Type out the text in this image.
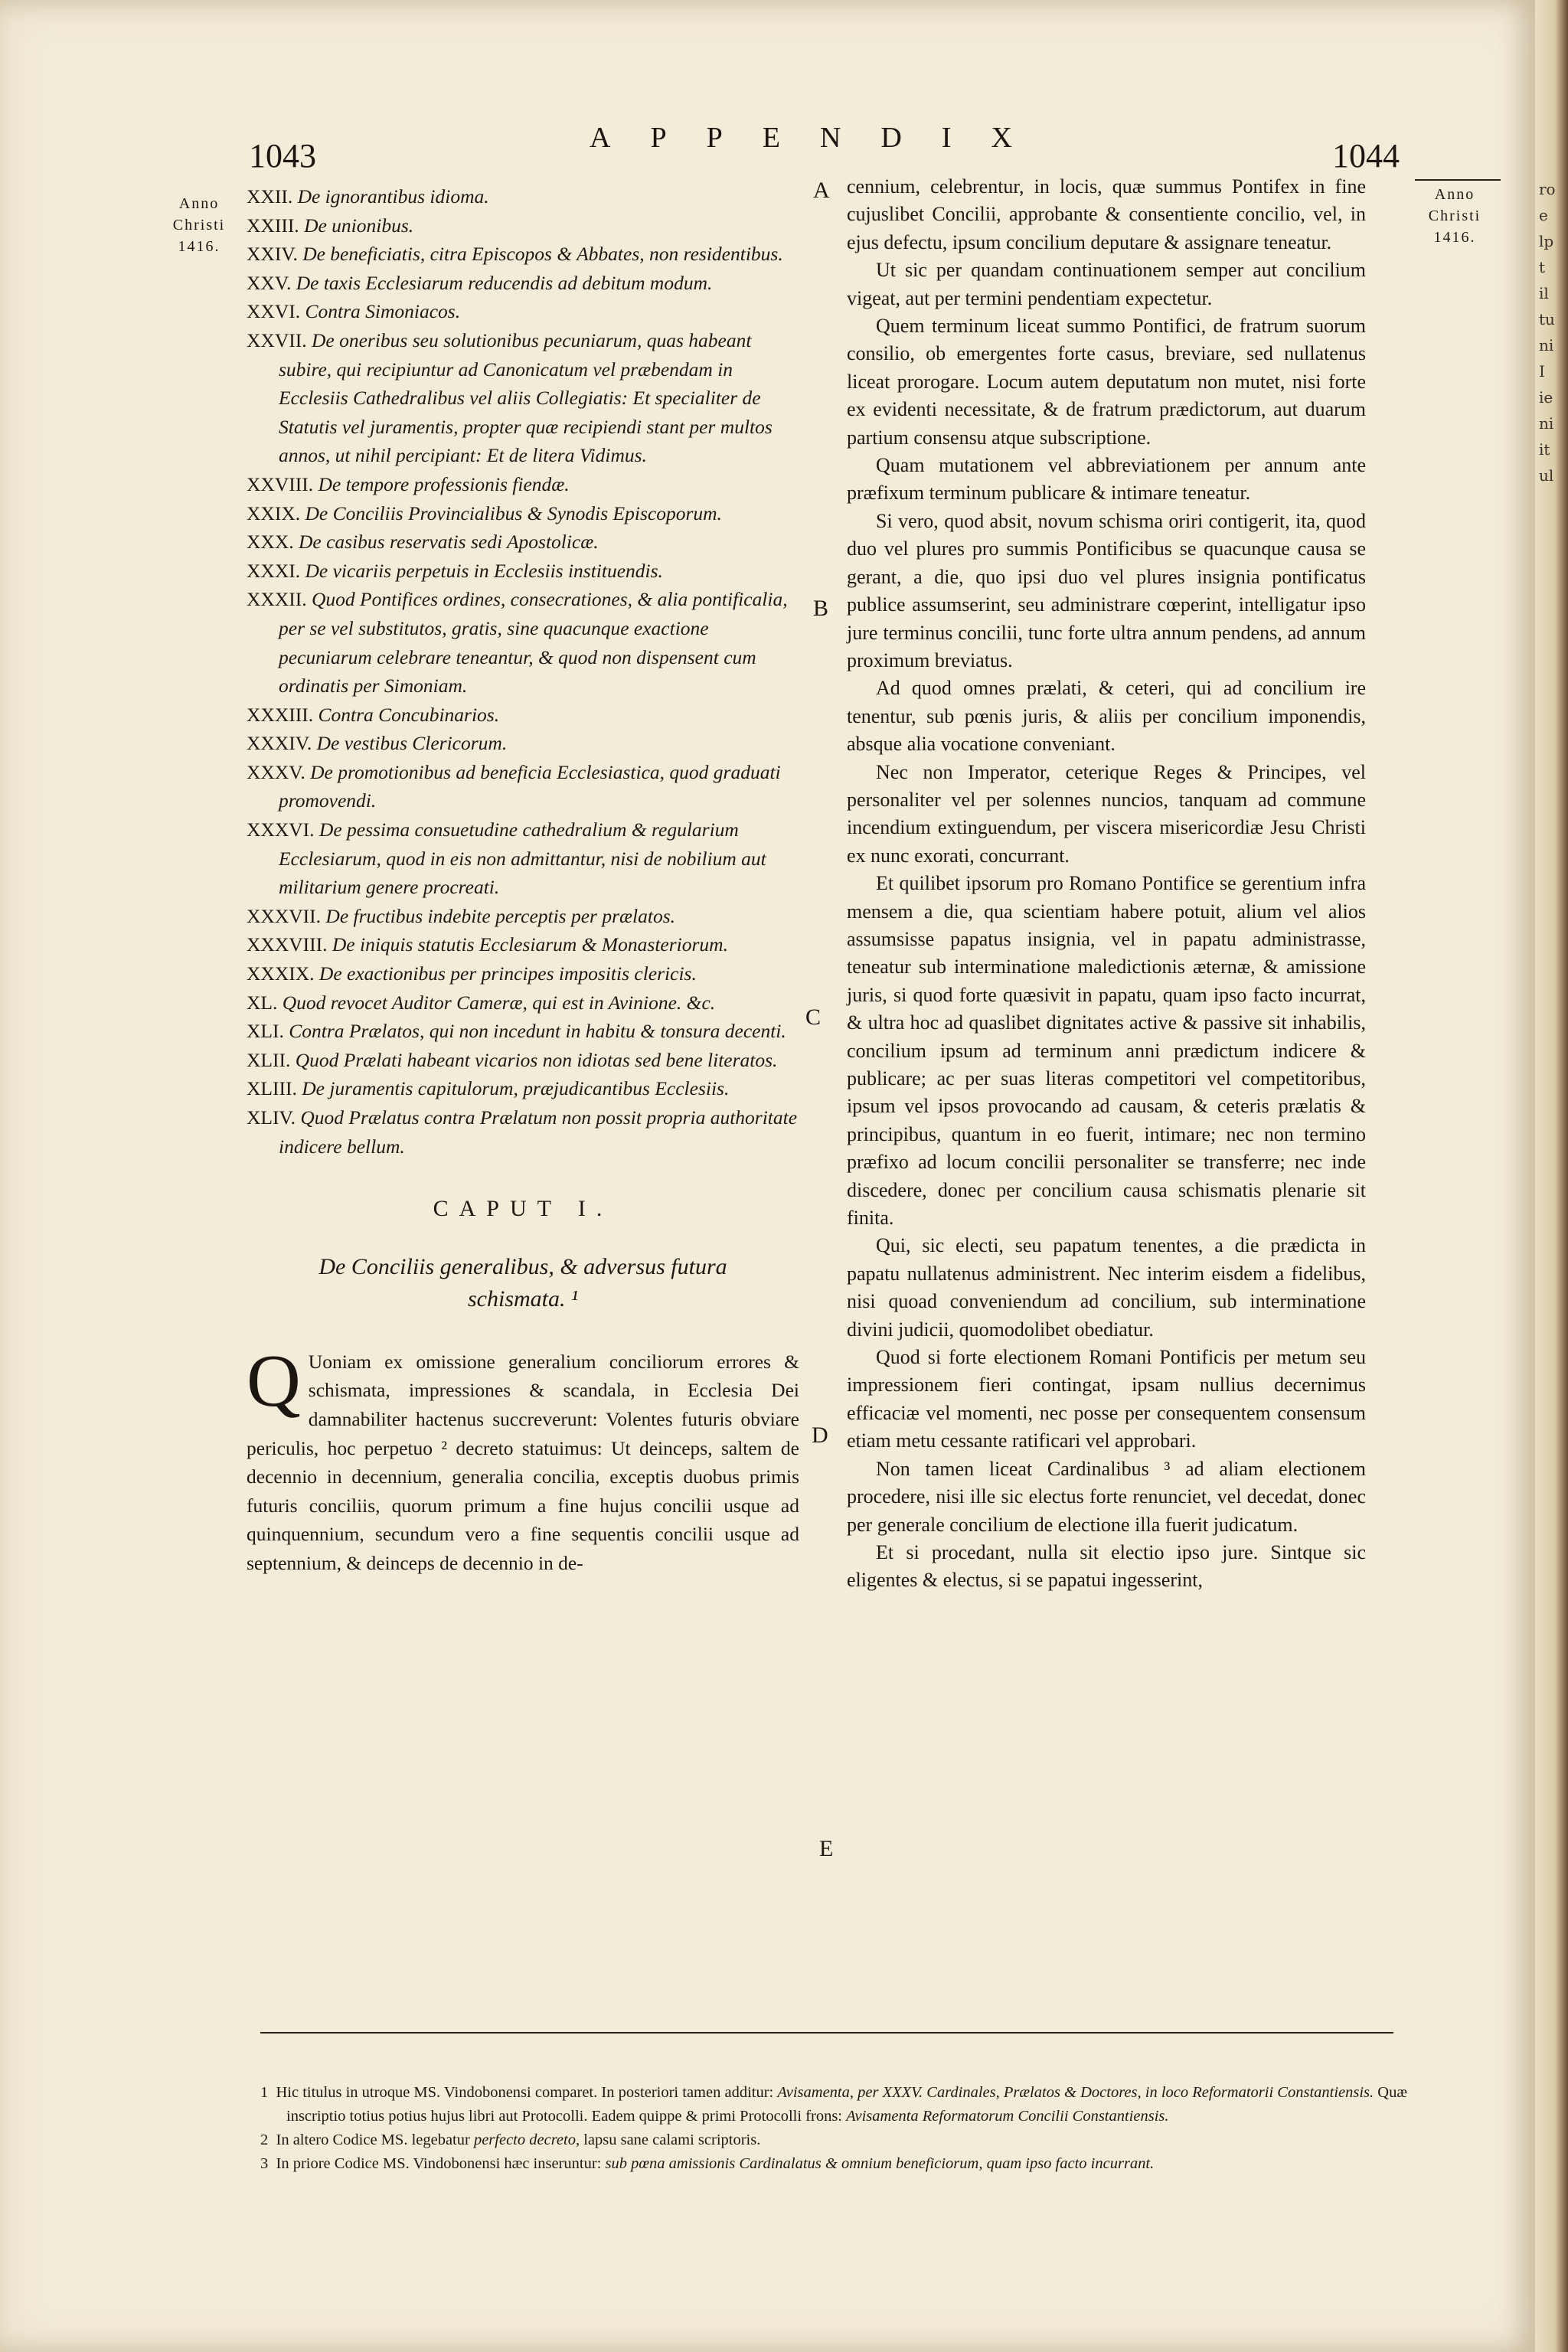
1043	APPENDIX	1044
Anno
Christi
1416.
Anno
Christi
1416.

XXII. De ignorantibus idioma.

XXIII. De unionibus.

XXIV. De beneficiatis, citra Episcopos & Abbates, non residentibus.

XXV. De taxis Ecclesiarum reducendis ad debitum modum.

XXVI. Contra Simoniacos.

XXVII. De oneribus seu solutionibus pecuniarum, quas habeant subire, qui recipiuntur ad Canonicatum vel præbendam in Ecclesiis Cathedralibus vel aliis Collegiatis: Et specialiter de Statutis vel juramentis, propter quæ recipiendi stant per multos annos, ut nihil percipiant: Et de litera Vidimus.

XXVIII. De tempore professionis fiendæ.

XXIX. De Conciliis Provincialibus & Synodis Episcoporum.

XXX. De casibus reservatis sedi Apostolicæ.

XXXI. De vicariis perpetuis in Ecclesiis instituendis.

XXXII. Quod Pontifices ordines, consecrationes, & alia pontificalia, per se vel substitutos, gratis, sine quacunque exactione pecuniarum celebrare teneantur, & quod non dispensent cum ordinatis per Simoniam.

XXXIII. Contra Concubinarios.

XXXIV. De vestibus Clericorum.

XXXV. De promotionibus ad beneficia Ecclesiastica, quod graduati promovendi.

XXXVI. De pessima consuetudine cathedralium & regularium Ecclesiarum, quod in eis non admittantur, nisi de nobilium aut militarium genere procreati.

XXXVII. De fructibus indebite perceptis per prælatos.

XXXVIII. De iniquis statutis Ecclesiarum & Monasteriorum.

XXXIX. De exactionibus per principes impositis clericis.

XL. Quod revocet Auditor Cameræ, qui est in Avinione. &c.

XLI. Contra Prælatos, qui non incedunt in habitu & tonsura decenti.

XLII. Quod Prælati habeant vicarios non idiotas sed bene literatos.

XLIII. De juramentis capitulorum, præjudicantibus Ecclesiis.

XLIV. Quod Prælatus contra Prælatum non possit propria authoritate indicere bellum.

CAPUT I.
De Conciliis generalibus, & adversus futura schismata. ¹
Q Uoniam ex omissione generalium conciliorum errores & schismata, impressiones & scandala, in Ecclesia Dei damnabiliter hactenus succreverunt: Volentes futuris obviare periculis, hoc perpetuo ² decreto statuimus: Ut deinceps, saltem de decennio in decennium, generalia concilia, exceptis duobus primis futuris conciliis, quorum primum a fine hujus concilii usque ad quinquennium, secundum vero a fine sequentis concilii usque ad septennium, & deinceps de decennio in de-
A
B
C
D
E

cennium, celebrentur, in locis, quæ summus Pontifex in fine cujuslibet Concilii, approbante & consentiente concilio, vel, in ejus defectu, ipsum concilium deputare & assignare teneatur.

Ut sic per quandam continuationem semper aut concilium vigeat, aut per termini pendentiam expectetur.

Quem terminum liceat summo Pontifici, de fratrum suorum consilio, ob emergentes forte casus, breviare, sed nullatenus liceat prorogare. Locum autem deputatum non mutet, nisi forte ex evidenti necessitate, & de fratrum prædictorum, aut duarum partium consensu atque subscriptione.

Quam mutationem vel abbreviationem per annum ante præfixum terminum publicare & intimare teneatur.

Si vero, quod absit, novum schisma oriri contigerit, ita, quod duo vel plures pro summis Pontificibus se quacunque causa se gerant, a die, quo ipsi duo vel plures insignia pontificatus publice assumserint, seu administrare cœperint, intelligatur ipso jure terminus concilii, tunc forte ultra annum pendens, ad annum proximum breviatus.

Ad quod omnes prælati, & ceteri, qui ad concilium ire tenentur, sub pœnis juris, & aliis per concilium imponendis, absque alia vocatione conveniant.

Nec non Imperator, ceterique Reges & Principes, vel personaliter vel per solennes nuncios, tanquam ad commune incendium extinguendum, per viscera misericordiæ Jesu Christi ex nunc exorati, concurrant.

Et quilibet ipsorum pro Romano Pontifice se gerentium infra mensem a die, qua scientiam habere potuit, alium vel alios assumsisse papatus insignia, vel in papatu administrasse, teneatur sub interminatione maledictionis æternæ, & amissione juris, si quod forte quæsivit in papatu, quam ipso facto incurrat, & ultra hoc ad quaslibet dignitates active & passive sit inhabilis, concilium ipsum ad terminum anni prædictum indicere & publicare; ac per suas literas competitori vel competitoribus, ipsum vel ipsos provocando ad causam, & ceteris prælatis & principibus, quantum in eo fuerit, intimare; nec non termino præfixo ad locum concilii personaliter se transferre; nec inde discedere, donec per concilium causa schismatis plenarie sit finita.

Qui, sic electi, seu papatum tenentes, a die prædicta in papatu nullatenus administrent. Nec interim eisdem a fidelibus, nisi quoad conveniendum ad concilium, sub interminatione divini judicii, quomodolibet obediatur.

Quod si forte electionem Romani Pontificis per metum seu impressionem fieri contingat, ipsam nullius decernimus efficaciæ vel momenti, nec posse per consequentem consensum etiam metu cessante ratificari vel approbari.

Non tamen liceat Cardinalibus ³ ad aliam electionem procedere, nisi ille sic electus forte renunciet, vel decedat, donec per generale concilium de electione illa fuerit judicatum.

Et si procedant, nulla sit electio ipso jure. Sintque sic eligentes & electus, si se papatui ingesserint,

1 Hic titulus in utroque MS. Vindobonensi comparet. In posteriori tamen additur: Avisamenta, per XXXV. Cardinales, Prælatos & Doctores, in loco Reformatorii Constantiensis. Quæ inscriptio totius potius hujus libri aut Protocolli. Eadem quippe & primi Protocolli frons: Avisamenta Reformatorum Concilii Constantiensis.

2 In altero Codice MS. legebatur perfecto decreto, lapsu sane calami scriptoris.

3 In priore Codice MS. Vindobonensi hæc inseruntur: sub pœna amissionis Cardinalatus & omnium beneficiorum, quam ipso facto incurrant.

ro
e
lp
t
il
tu
ni
I
ie
ni
it
ul
